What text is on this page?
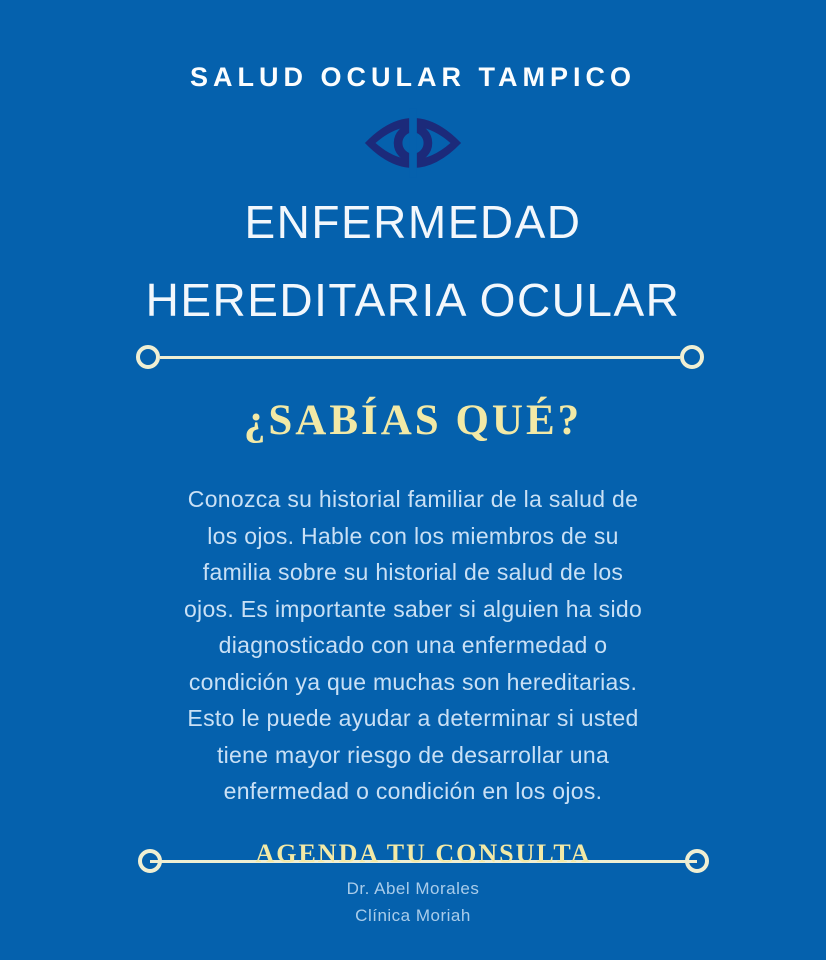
SALUD OCULAR TAMPICO
ENFERMEDAD
HEREDITARIA OCULAR
¿SABÍAS QUÉ?
Conozca su historial familiar de la salud de
los ojos. Hable con los miembros de su
familia sobre su historial de salud de los
ojos. Es importante saber si alguien ha sido
diagnosticado con una enfermedad o
condición ya que muchas son hereditarias.
Esto le puede ayudar a determinar si usted
tiene mayor riesgo de desarrollar una
enfermedad o condición en los ojos.
AGENDA TU CONSULTA
Dr. Abel Morales
Clínica Moriah
